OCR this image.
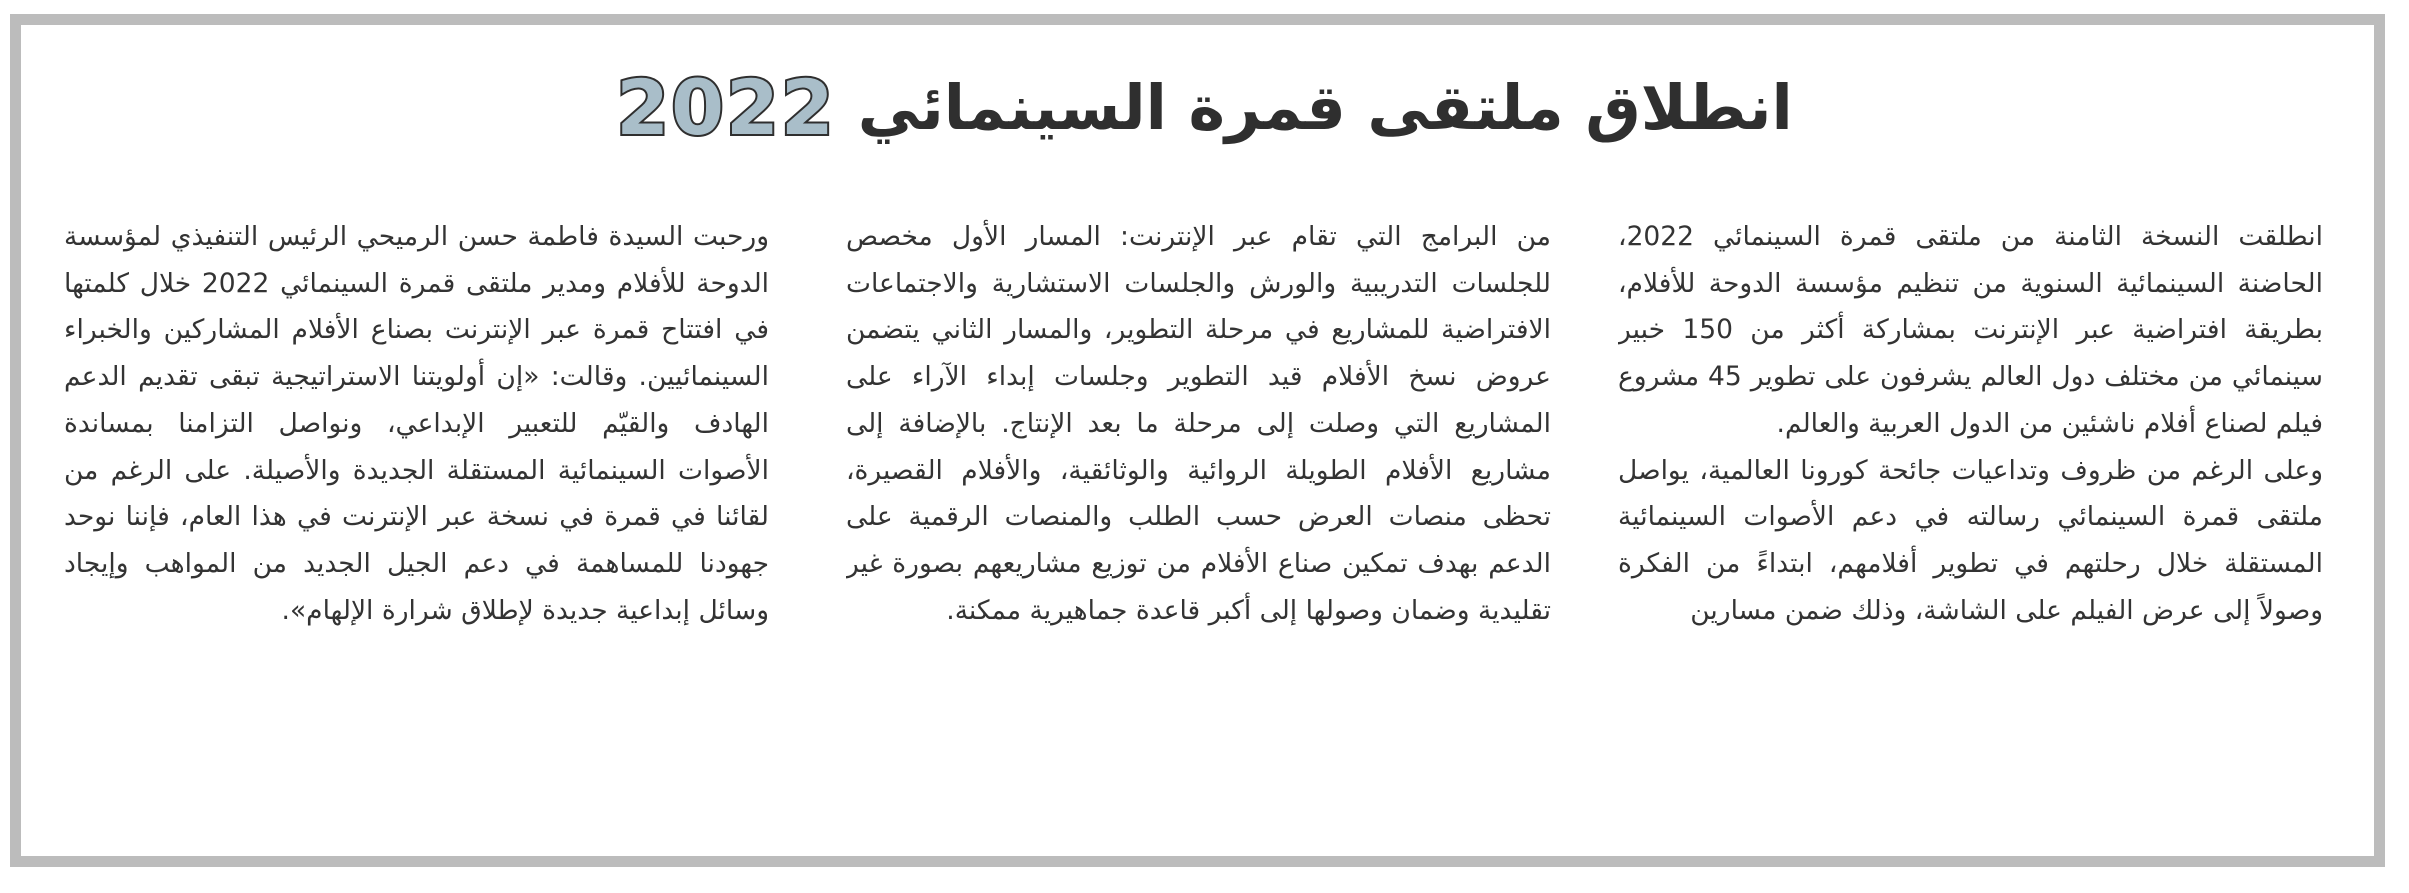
انطلاق ملتقى قمرة السينمائي
2022

انطلقت النسخة الثامنة من ملتقى قمرة السينمائي 2022، الحاضنة السينمائية السنوية من تنظيم مؤسسة الدوحة للأفلام، بطريقة افتراضية عبر الإنترنت بمشاركة أكثر من 150 خبير سينمائي من مختلف دول العالم يشرفون على تطوير 45 مشروع فيلم لصناع أفلام ناشئين من الدول العربية والعالم.

وعلى الرغم من ظروف وتداعيات جائحة كورونا العالمية، يواصل ملتقى قمرة السينمائي رسالته في دعم الأصوات السينمائية المستقلة خلال رحلتهم في تطوير أفلامهم، ابتداءً من الفكرة وصولاً إلى عرض الفيلم على الشاشة، وذلك ضمن مسارين

من البرامج التي تقام عبر الإنترنت: المسار الأول مخصص للجلسات التدريبية والورش والجلسات الاستشارية والاجتماعات الافتراضية للمشاريع في مرحلة التطوير، والمسار الثاني يتضمن عروض نسخ الأفلام قيد التطوير وجلسات إبداء الآراء على المشاريع التي وصلت إلى مرحلة ما بعد الإنتاج. بالإضافة إلى مشاريع الأفلام الطويلة الروائية والوثائقية، والأفلام القصيرة، تحظى منصات العرض حسب الطلب والمنصات الرقمية على الدعم بهدف تمكين صناع الأفلام من توزيع مشاريعهم بصورة غير تقليدية وضمان وصولها إلى أكبر قاعدة جماهيرية ممكنة.

ورحبت السيدة فاطمة حسن الرميحي الرئيس التنفيذي لمؤسسة الدوحة للأفلام ومدير ملتقى قمرة السينمائي 2022 خلال كلمتها في افتتاح قمرة عبر الإنترنت بصناع الأفلام المشاركين والخبراء السينمائيين. وقالت: «إن أولويتنا الاستراتيجية تبقى تقديم الدعم الهادف والقيّم للتعبير الإبداعي، ونواصل التزامنا بمساندة الأصوات السينمائية المستقلة الجديدة والأصيلة. على الرغم من لقائنا في قمرة في نسخة عبر الإنترنت في هذا العام، فإننا نوحد جهودنا للمساهمة في دعم الجيل الجديد من المواهب وإيجاد وسائل إبداعية جديدة لإطلاق شرارة الإلهام».
